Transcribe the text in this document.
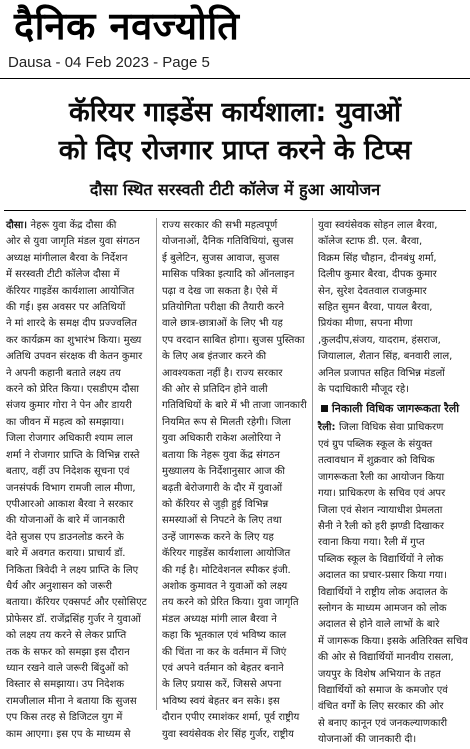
दैनिक नवज्योति
Dausa - 04 Feb 2023 - Page 5
कॅरियर गाइडेंस कार्यशाला: युवाओं
को दिए रोजगार प्राप्त करने के टिप्स
दौसा स्थित सरस्वती टीटी कॉलेज में हुआ आयोजन
दौसा। नेहरू युवा केंद्र दौसा की
ओर से युवा जागृति मंडल युवा संगठन
अध्यक्ष मांगीलाल बैरवा के निर्देशन
में सरस्वती टीटी कॉलेज दौसा में
कॅरियर गाइडेंस कार्यशाला आयोजित
की गई। इस अवसर पर अतिथियों
ने मां शारदे के समक्ष दीप प्रज्ज्वलित
कर कार्यक्रम का शुभारंभ किया। मुख्य
अतिथि उपवन संरक्षक वी केतन कुमार
ने अपनी कहानी बताते लक्ष्य तय
करने को प्रेरित किया। एसडीएम दौसा
संजय कुमार गोरा ने पेन और डायरी
का जीवन में महत्व को समझाया।
जिला रोजगार अधिकारी श्याम लाल
शर्मा ने रोजगार प्राप्ति के विभिन्न रास्ते
बताए, वहीं उप निदेशक सूचना एवं
जनसंपर्क विभाग रामजी लाल मीणा,
एपीआरओ आकाश बैरवा ने सरकार
की योजनाओं के बारे में जानकारी
देते सुजस एप डाउनलोड करने के
बारे में अवगत कराया। प्राचार्य डॉ.
निकिता त्रिवेदी ने लक्ष्य प्राप्ति के लिए
धैर्य और अनुशासन को जरूरी
बताया। कॅरियर एक्सपर्ट और एसोसिएट
प्रोफेसर डॉ. राजेंद्रसिंह गुर्जर ने युवाओं
को लक्ष्य तय करने से लेकर प्राप्ति
तक के सफर को समझा इस दौरान
ध्यान रखने वाले जरूरी बिंदुओं को
विस्तार से समझाया। उप निदेशक
रामजीलाल मीना ने बताया कि सुजस
एप किस तरह से डिजिटल युग में
काम आएगा। इस एप के माध्यम से
राज्य सरकार की सभी महत्वपूर्ण
योजनाओं, दैनिक गतिविधियां, सुजस
ई बुलेटिन, सुजस आवाज, सुजस
मासिक पत्रिका इत्यादि को ऑनलाइन
पढ़ा व देख जा सकता है। ऐसे में
प्रतियोगिता परीक्षा की तैयारी करने
वाले छात्र-छात्राओं के लिए भी यह
एप वरदान साबित होगा। सुजस पुस्तिका
के लिए अब इंतजार करने की
आवश्यकता नहीं है। राज्य सरकार
की ओर से प्रतिदिन होने वाली
गतिविधियों के बारे में भी ताजा जानकारी
नियमित रूप से मिलती रहेगी। जिला
युवा अधिकारी राकेश अलोरिया ने
बताया कि नेहरू युवा केंद्र संगठन
मुख्यालय के निर्देशानुसार आज की
बढ़ती बेरोजगारी के दौर में युवाओं
को कॅरियर से जुड़ी हुई विभिन्न
समस्याओं से निपटने के लिए तथा
उन्हें जागरूक करने के लिए यह
कॅरियर गाइडेंस कार्यशाला आयोजित
की गई है। मोटिवेशनल स्पीकर इंजी.
अशोक कुमावत ने युवाओं को लक्ष्य
तय करने को प्रेरित किया। युवा जागृति
मंडल अध्यक्ष मांगी लाल बैरवा ने
कहा कि भूतकाल एवं भविष्य काल
की चिंता ना कर के वर्तमान में जिएं
एवं अपने वर्तमान को बेहतर बनाने
के लिए प्रयास करें, जिससे अपना
भविष्य स्वयं बेहतर बन सके। इस
दौरान एपीए रमाशंकर शर्मा, पूर्व राष्ट्रीय
युवा स्वयंसेवक शेर सिंह गुर्जर, राष्ट्रीय
युवा स्वयंसेवक सोहन लाल बैरवा,
कॉलेज स्टाफ डी. एल. बैरवा,
विक्रम सिंह चौहान, दीनबंधु शर्मा,
दिलीप कुमार बैरवा, दीपक कुमार
सेन, सुरेश देवतवाल राजकुमार
सहित सुमन बैरवा, पायल बैरवा,
प्रियंका मीणा, सपना मीणा
,कुलदीप,संजय, यादराम, हंसराज,
जियालाल, शैतान सिंह, बनवारी लाल,
अनिल प्रजापत सहित विभिन्न मंडलों
के पदाधिकारी मौजूद रहे।
निकाली विधिक जागरूकता रैली
रैली: जिला विधिक सेवा प्राधिकरण
एवं ग्रुप पब्लिक स्कूल के संयुक्त
तत्वावधान में शुक्रवार को विधिक
जागरूकता रैली का आयोजन किया
गया। प्राधिकरण के सचिव एवं अपर
जिला एवं सेशन न्यायाधीश प्रेमलता
सैनी ने रैली को हरी झण्डी दिखाकर
रवाना किया गया। रैली में गुप्त
पब्लिक स्कूल के विद्यार्थियों ने लोक
अदालत का प्रचार-प्रसार किया गया।
विद्यार्थियों ने राष्ट्रीय लोक अदालत के
स्लोगन के माध्यम आमजन को लोक
अदालत से होने वाले लाभों के बारे
में जागरूक किया। इसके अतिरिक्त सचिव
की ओर से विद्यार्थियों मानवीय रासला,
जयपुर के विशेष अभियान के तहत
विद्यार्थियों को समाज के कमजोर एवं
वंचित वर्गों के लिए सरकार की ओर
से बनाए कानून एवं जनकल्याणकारी
योजनाओं की जानकारी दी।
